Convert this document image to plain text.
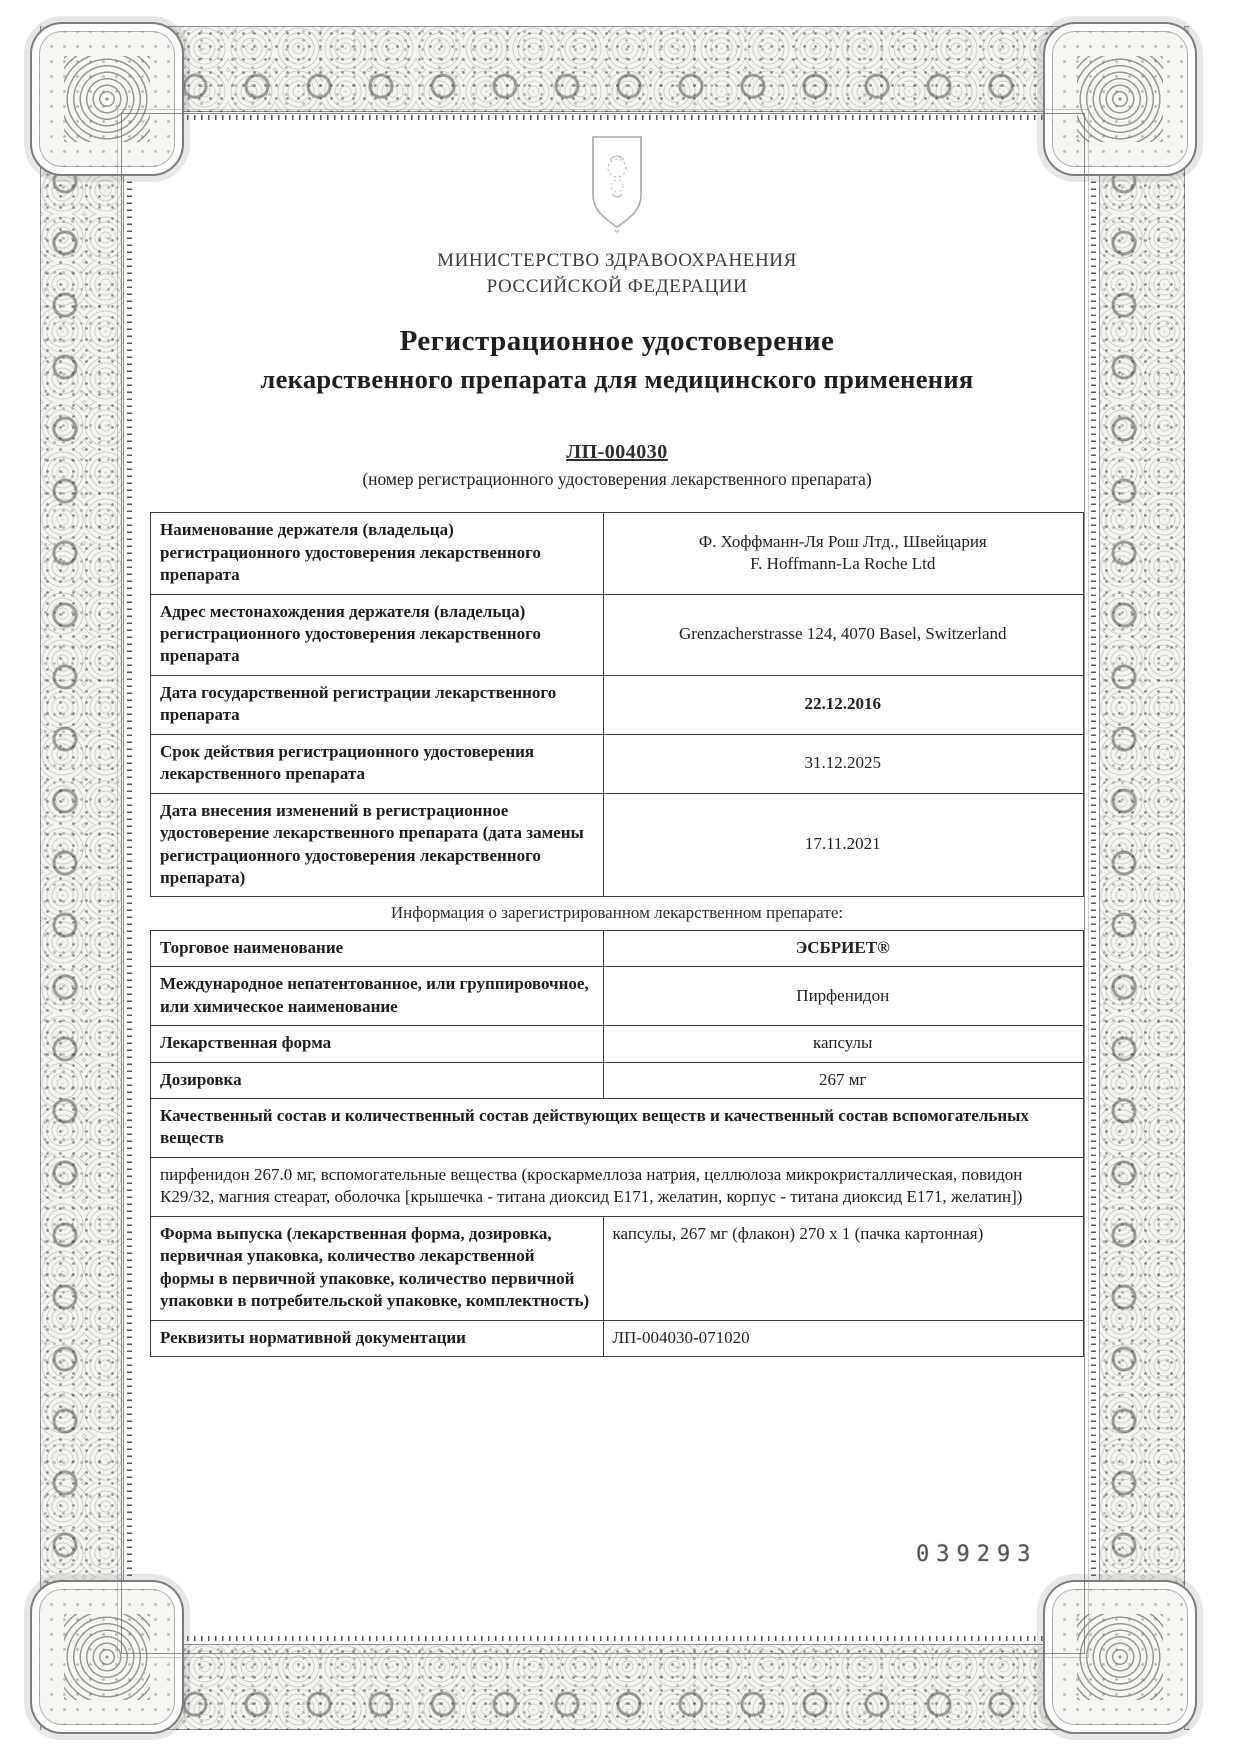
МИНИСТЕРСТВО ЗДРАВООХРАНЕНИЯ
РОССИЙСКОЙ ФЕДЕРАЦИИ
Регистрационное удостоверение
лекарственного препарата для медицинского применения
ЛП-004030
(номер регистрационного удостоверения лекарственного препарата)
Наименование держателя (владельца) регистрационного удостоверения лекарственного препарата	Ф. Хоффманн-Ля Рош Лтд., Швейцария
F. Hoffmann-La Roche Ltd

Адрес местонахождения держателя (владельца) регистрационного удостоверения лекарственного препарата	Grenzacherstrasse 124, 4070 Basel, Switzerland
Дата государственной регистрации лекарственного препарата	22.12.2016
Срок действия регистрационного удостоверения лекарственного препарата	31.12.2025
Дата внесения изменений в регистрационное удостоверение лекарственного препарата (дата замены регистрационного удостоверения лекарственного препарата)	17.11.2021
Информация о зарегистрированном лекарственном препарате:	
Торговое наименование	ЭСБРИЕТ®
Международное непатентованное, или группировочное, или химическое наименование	Пирфенидон
Лекарственная форма	капсулы
Дозировка	267 мг
Качественный состав и количественный состав действующих веществ и качественный состав вспомогательных веществ	
пирфенидон 267.0 мг, вспомогательные вещества (кроскармеллоза натрия, целлюлоза микрокристаллическая, повидон К29/32, магния стеарат, оболочка [крышечка - титана диоксид Е171, желатин, корпус - титана диоксид Е171, желатин])	
Форма выпуска (лекарственная форма, дозировка, первичная упаковка, количество лекарственной формы в первичной упаковке, количество первичной упаковки в потребительской упаковке, комплектность)	капсулы, 267 мг (флакон) 270 x 1 (пачка картонная)
Реквизиты нормативной документации	ЛП-004030-071020
039293
